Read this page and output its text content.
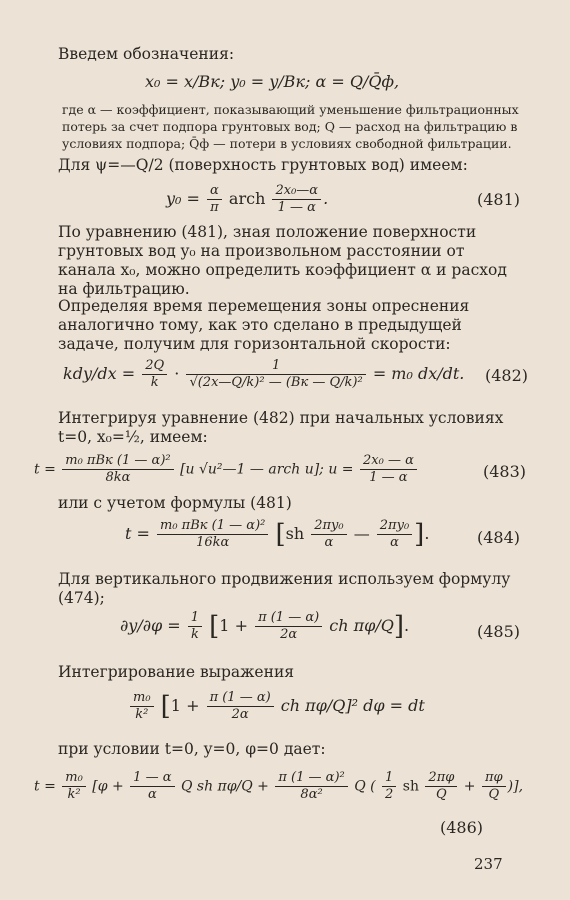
Введем обозначения:

x₀ = x/Bк; y₀ = y/Bк; α = Q/Q̄ф,

где α — коэффициент, показывающий уменьшение фильтрационных потерь за счет подпора грунтовых вод; Q — расход на фильтрацию в условиях подпора; Q̄ф — потери в условиях свободной фильтрации.

Для ψ=—Q/2 (поверхность грунтовых вод) имеем:

$y_0 = \frac{\alpha}{\pi}$ arch $\frac{\text{2x₀—α}}{1 — \alpha}$ .	(481)

По уравнению (481), зная положение поверхности грунтовых вод y₀ на произвольном расстоянии от канала x₀, можно определить коэффициент α и расход на фильтрацию.

Определяя время перемещения зоны опреснения аналогично тому, как это сделано в предыдущей задаче, получим для горизонтальной скорости:

$kdy/dx = \frac{2Q}{k} \cdot \frac{1}{\text{√(2x—Q/k)² — (Bк — Q/k)²}} = m_0$ dx/dt. (482)

Интегрируя уравнение (482) при начальных условиях t=0, x₀=½, имеем:

$t = \frac{\text{m₀ πBк (1 — α)²}}{8k\alpha} [u$ √u²—1 — arch u]; $u = \frac{\text{2x₀ — α}}{1 — \alpha}$	(483)

или с учетом формулы (481)

$t = \frac{\text{m₀ πBк (1 — α)²}}{16k\alpha} [sh \frac{\text{2πy₀}}{\alpha}$ — $\frac{\text{2πy₀}}{\alpha}$ ].	(484)

Для вертикального продвижения используем формулу (474);

$\partial y/\partial\varphi = \frac{1}{k} [1 + \frac{\pi (1 — \alpha)}{2\alpha}$ ch πφ/Q].	(485)

Интегрирование выражения

$\frac{\text{m₀}}{\text{k²}} [1 + \frac{\pi (1 — \alpha)}{2\alpha}$ ch πφ/Q]² dφ = dt

при условии t=0, y=0, φ=0 дает:

$t = \frac{\text{m₀}}{\text{k²}} [\varphi + \frac{1 — \alpha}{\alpha}$ Q sh $\pi\varphi/Q + \frac{\text{π (1 — α)²}}{\text{8α²}}$ Q ( $\frac{1}{2}$ sh $\frac{2\pi\varphi}{Q} + \frac{\pi\varphi}{Q}$ )],
(486)
237
